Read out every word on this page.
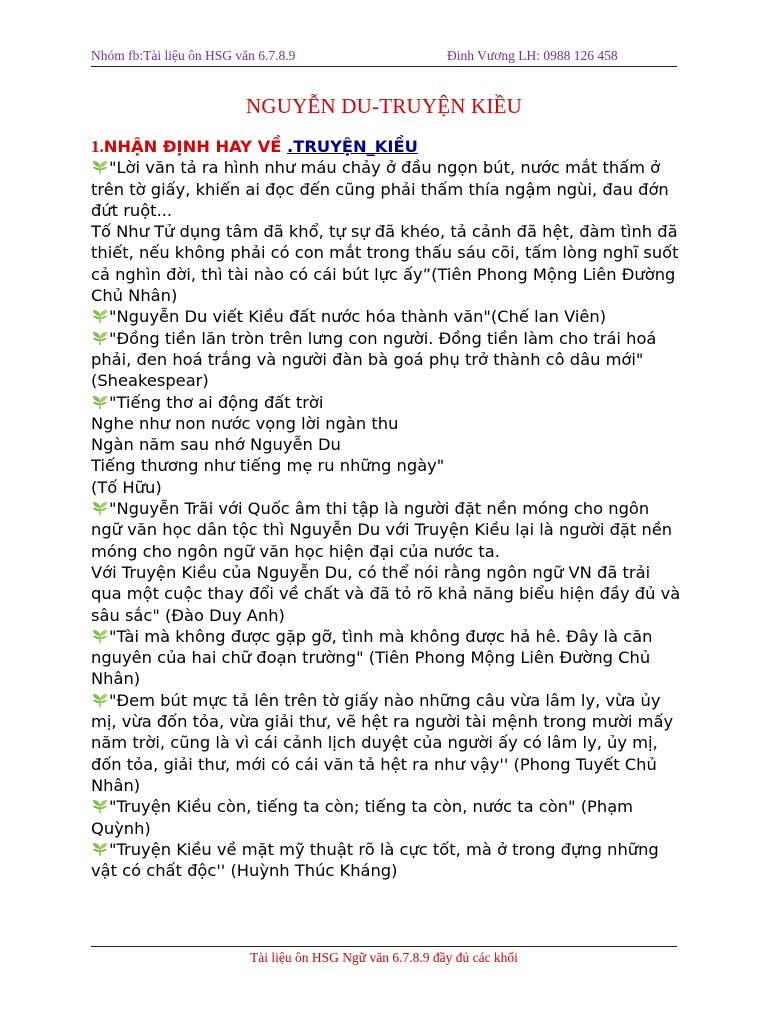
Nhóm fb:Tài liệu ôn HSG văn 6.7.8.9	Đinh Vương LH: 0988 126 458
NGUYỄN DU-TRUYỆN KIỀU
1.NHẬN ĐỊNH HAY VỀ .TRUYỆN_KIỀU

"Lời văn tả ra hình như máu chảy ở đầu ngọn bút, nước mắt thấm ở trên tờ giấy, khiến ai đọc đến cũng phải thấm thía ngậm ngùi, đau đớn đứt ruột...

Tố Như Tử dụng tâm đã khổ, tự sự đã khéo, tả cảnh đã hệt, đàm tình đã thiết, nếu không phải có con mắt trong thấu sáu cõi, tấm lòng nghĩ suốt cả nghìn đời, thì tài nào có cái bút lực ấy”(Tiên Phong Mộng Liên Đường Chủ Nhân)

"Nguyễn Du viết Kiều đất nước hóa thành văn"(Chế lan Viên)

"Đồng tiền lăn tròn trên lưng con người. Đồng tiền làm cho trái hoá phải, đen hoá trắng và người đàn bà goá phụ trở thành cô dâu mới" (Sheakespear)

"Tiếng thơ ai động đất trời

Nghe như non nước vọng lời ngàn thu

Ngàn năm sau nhớ Nguyễn Du

Tiếng thương như tiếng mẹ ru những ngày"

(Tố Hữu)

"Nguyễn Trãi với Quốc âm thi tập là người đặt nền móng cho ngôn ngữ văn học dân tộc thì Nguyễn Du với Truyện Kiều lại là người đặt nền móng cho ngôn ngữ văn học hiện đại của nước ta.

Với Truyện Kiều của Nguyễn Du, có thể nói rằng ngôn ngữ VN đã trải qua một cuộc thay đổi về chất và đã tỏ rõ khả năng biểu hiện đầy đủ và sâu sắc" (Đào Duy Anh)

"Tài mà không được gặp gỡ, tình mà không được hả hê. Đây là căn nguyên của hai chữ đoạn trường" (Tiên Phong Mộng Liên Đường Chủ Nhân)

"Đem bút mực tả lên trên tờ giấy nào những câu vừa lâm ly, vừa ủy mị, vừa đốn tỏa, vừa giải thư, vẽ hệt ra người tài mệnh trong mười mấy năm trời, cũng là vì cái cảnh lịch duyệt của người ấy có lâm ly, ủy mị, đốn tỏa, giải thư, mới có cái văn tả hệt ra như vậy'' (Phong Tuyết Chủ Nhân)

"Truyện Kiều còn, tiếng ta còn; tiếng ta còn, nước ta còn" (Phạm Quỳnh)

"Truyện Kiều về mặt mỹ thuật rõ là cực tốt, mà ở trong đựng những vật có chất độc'' (Huỳnh Thúc Kháng)

Tài liệu ôn HSG Ngữ văn 6.7.8.9 đầy đủ các khối
